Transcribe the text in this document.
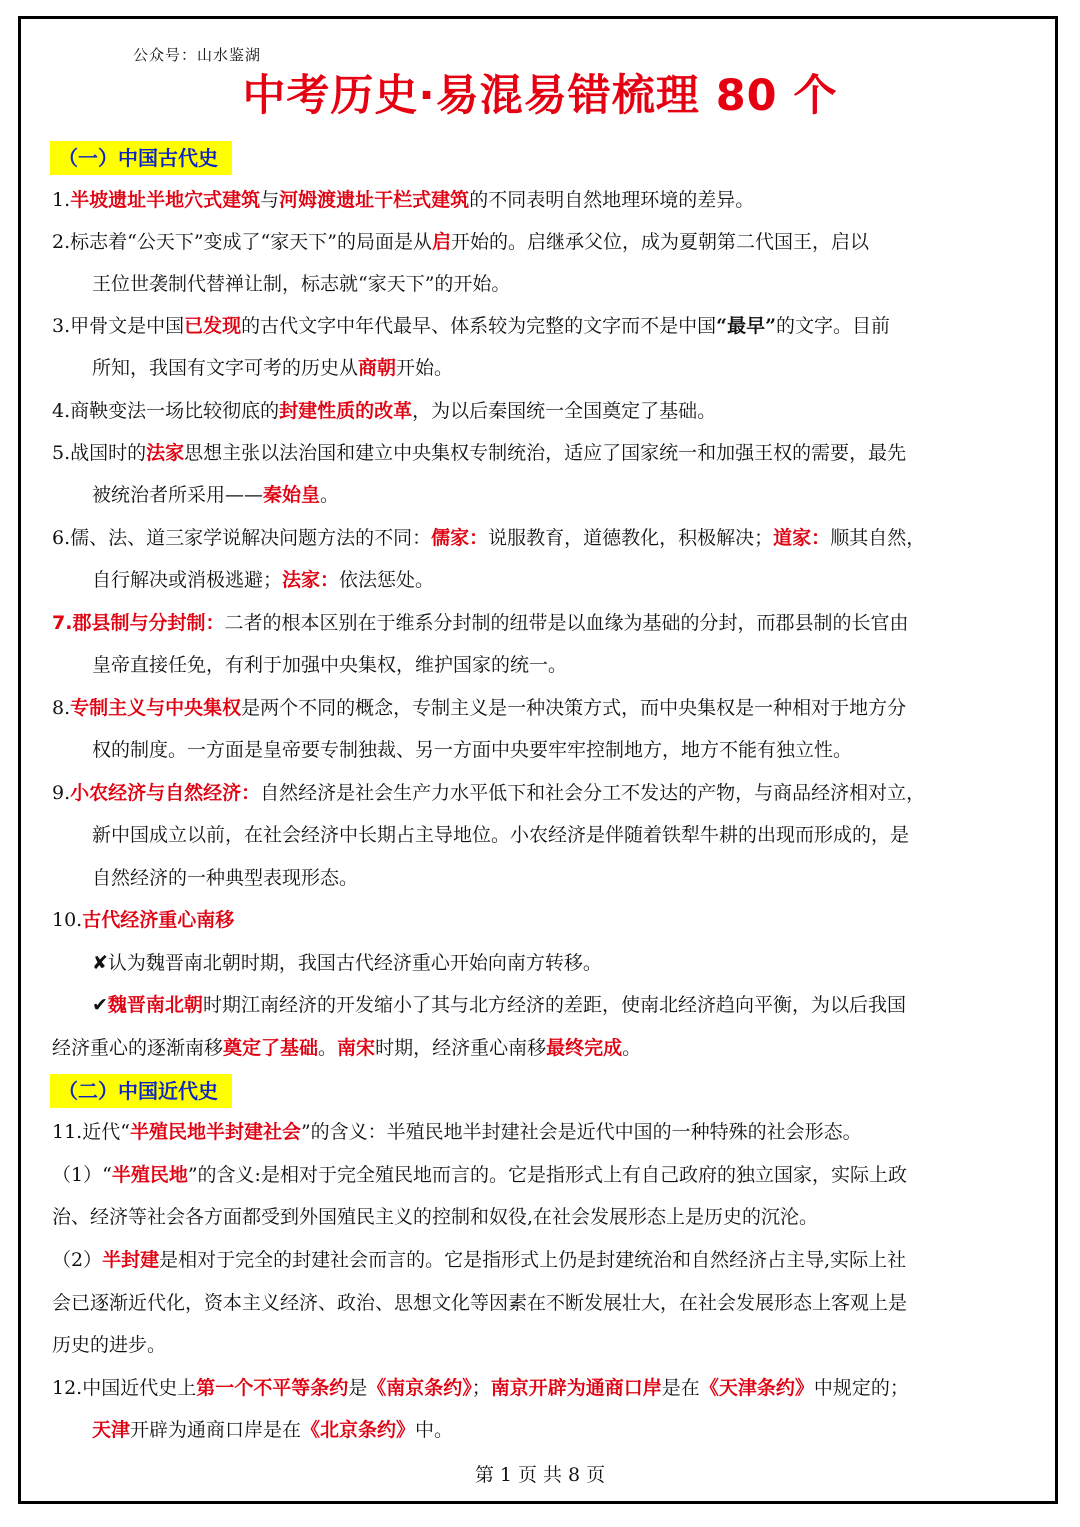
公众号：山水鉴湖
中考历史·易混易错梳理 80 个
（一）中国古代史
（二）中国近代史
1.半坡遗址半地穴式建筑与河姆渡遗址干栏式建筑的不同表明自然地理环境的差异。
2.标志着“公天下”变成了“家天下”的局面是从启开始的。启继承父位，成为夏朝第二代国王，启以
王位世袭制代替禅让制，标志就“家天下”的开始。
3.甲骨文是中国已发现的古代文字中年代最早、体系较为完整的文字而不是中国“最早”的文字。目前
所知，我国有文字可考的历史从商朝开始。
4.商鞅变法一场比较彻底的封建性质的改革，为以后秦国统一全国奠定了基础。
5.战国时的法家思想主张以法治国和建立中央集权专制统治，适应了国家统一和加强王权的需要，最先
被统治者所采用——秦始皇。
6.儒、法、道三家学说解决问题方法的不同：儒家：说服教育，道德教化，积极解决；道家：顺其自然，
自行解决或消极逃避；法家：依法惩处。
7.郡县制与分封制：二者的根本区别在于维系分封制的纽带是以血缘为基础的分封，而郡县制的长官由
皇帝直接任免，有利于加强中央集权，维护国家的统一。
8.专制主义与中央集权是两个不同的概念，专制主义是一种决策方式，而中央集权是一种相对于地方分
权的制度。一方面是皇帝要专制独裁、另一方面中央要牢牢控制地方，地方不能有独立性。
9.小农经济与自然经济：自然经济是社会生产力水平低下和社会分工不发达的产物，与商品经济相对立，
新中国成立以前，在社会经济中长期占主导地位。小农经济是伴随着铁犁牛耕的出现而形成的，是
自然经济的一种典型表现形态。
10.古代经济重心南移
✘认为魏晋南北朝时期，我国古代经济重心开始向南方转移。
✔魏晋南北朝时期江南经济的开发缩小了其与北方经济的差距，使南北经济趋向平衡，为以后我国
经济重心的逐渐南移奠定了基础。南宋时期，经济重心南移最终完成。
11.近代“半殖民地半封建社会”的含义：半殖民地半封建社会是近代中国的一种特殊的社会形态。
（1）“半殖民地”的含义:是相对于完全殖民地而言的。它是指形式上有自己政府的独立国家，实际上政
治、经济等社会各方面都受到外国殖民主义的控制和奴役,在社会发展形态上是历史的沉沦。
（2）半封建是相对于完全的封建社会而言的。它是指形式上仍是封建统治和自然经济占主导,实际上社
会已逐渐近代化，资本主义经济、政治、思想文化等因素在不断发展壮大，在社会发展形态上客观上是
历史的进步。
12.中国近代史上第一个不平等条约是《南京条约》；南京开辟为通商口岸是在《天津条约》中规定的；
天津开辟为通商口岸是在《北京条约》中。
第 1 页 共 8 页
